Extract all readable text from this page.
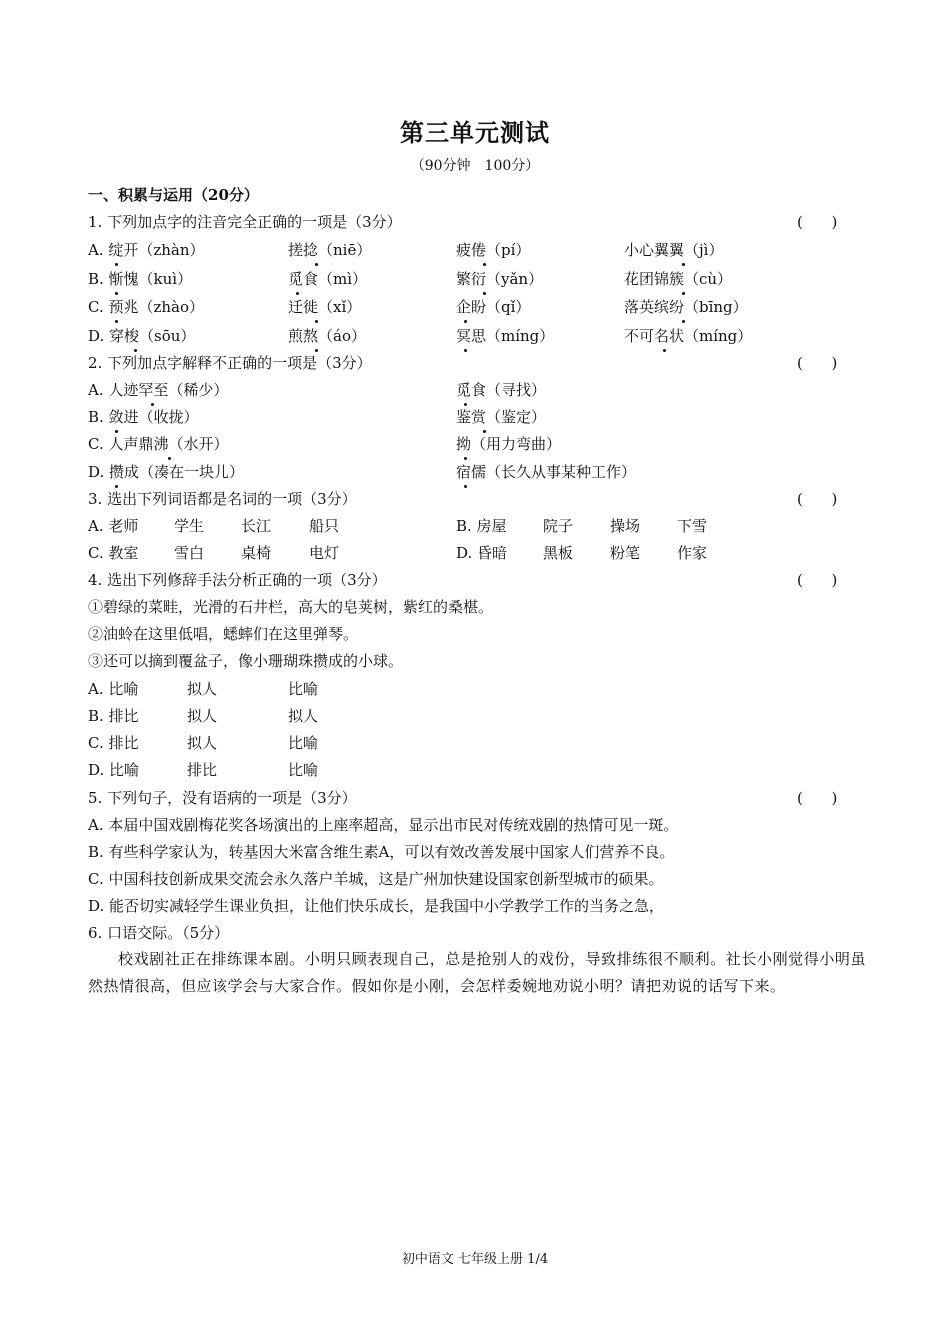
第三单元测试
（90分钟　100分）
一、积累与运用（20分）
1. 下列加点字的注音完全正确的一项是（3分）	(      )
A. 绽开（zhàn）	搓捻（niē）	疲倦（pí）	小心翼翼（jì）
B. 惭愧（kuì）	觅食（mì）	繁衍（yǎn）	花团锦簇（cù）
C. 预兆（zhào）	迁徙（xǐ）	企盼（qǐ）	落英缤纷（bīng）
D. 穿梭（sōu）	煎熬（áo）	冥思（míng）	不可名状（míng）
2. 下列加点字解释不正确的一项是（3分）	(      )
A. 人迹罕至（稀少）	觅食（寻找）
B. 敛进（收拢）	鉴赏（鉴定）
C. 人声鼎沸（水开）	拗（用力弯曲）
D. 攒成（凑在一块儿）	宿儒（长久从事某种工作）
3. 选出下列词语都是名词的一项（3分）	(      )
A. 老师 学生 长江	船只	B. 房屋 院子 操场 下雪
C. 教室 雪白 桌椅	电灯	D. 昏暗 黑板 粉笔 作家
4. 选出下列修辞手法分析正确的一项（3分）	(      )
①碧绿的菜畦，光滑的石井栏，高大的皂荚树，紫红的桑椹。
②油蛉在这里低唱，蟋蟀们在这里弹琴。
③还可以摘到覆盆子，像小珊瑚珠攒成的小球。
A. 比喻	拟人	比喻
B. 排比	拟人	拟人
C. 排比	拟人	比喻
D. 比喻	排比	比喻
5. 下列句子，没有语病的一项是（3分）	(      )
A. 本届中国戏剧梅花奖各场演出的上座率超高，显示出市民对传统戏剧的热情可见一斑。
B. 有些科学家认为，转基因大米富含维生素A，可以有效改善发展中国家人们营养不良。
C. 中国科技创新成果交流会永久落户羊城，这是广州加快建设国家创新型城市的硕果。
D. 能否切实减轻学生课业负担，让他们快乐成长，是我国中小学教学工作的当务之急，
6. 口语交际。（5分）
校戏剧社正在排练课本剧。小明只顾表现自己，总是抢别人的戏份，导致排练很不顺利。社长小刚觉得小明虽然热情很高，但应该学会与大家合作。假如你是小刚，会怎样委婉地劝说小明？请把劝说的话写下来。
初中语文 七年级上册 1/4
